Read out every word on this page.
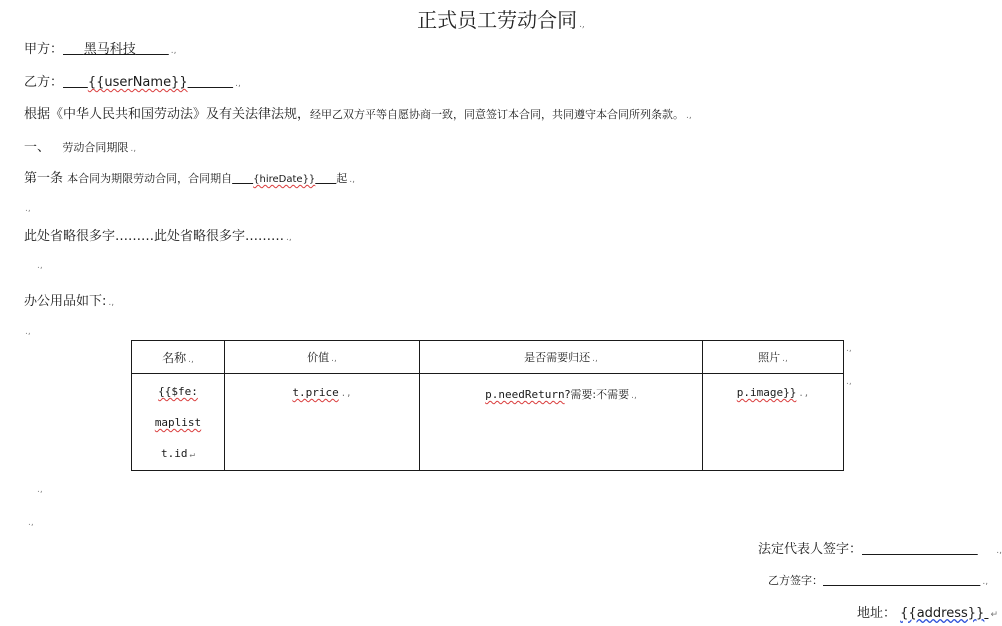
正式员工劳动合同 .,
甲方： 黑马科技	.,
乙方： {{userName}}	.,
根据《中华人民共和国劳动法》及有关法律法规，经甲乙双方平等自愿协商一致，同意签订本合同，共同遵守本合同所列条款。 .,
一、 劳动合同期限 .,
第一条 本合同为期限劳动合同，合同期自 {hireDate}} 起 .,
.,
此处省略很多字………此处省略很多字……… .,
.,
办公用品如下: .,
.,
名称 .,	价值 .,	是否需要归还 .,	照片 .,

{{$fe:
maplist
t.id ↵	t.price .,	p.needReturn?需要:不需要 .,	p.image}} .,
.,
.,
.,
.,
法定代表人签字：	.,
乙方签字：	.,
地址： {{address}} ↵
